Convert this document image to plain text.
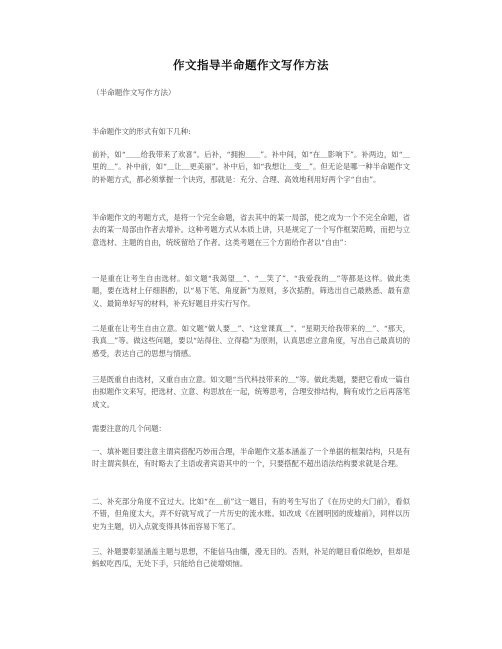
作文指导半命题作文写作方法
（半命题作文写作方法）

半命题作文的形式有如下几种:

前补，如“＿＿给我带来了欢喜”。后补，“拥抱＿＿”。补中间，如“在＿影响下”。补两边，如“＿里的＿”。补中前，如“＿让＿更美丽”。补中后，如“我想让＿变＿”。但无论是哪一种半命题作文的补题方式，都必须掌握一个诀窍，那就是：充分、合理、高效地利用好两个字“自由”。

半命题作文的考题方式，是将一个完全命题，省去其中的某一局部，使之成为一个不完全命题，省去的某一局部由作者去增补。这种考题方式从本质上讲，只是规定了一个写作框架范畴，而把与立意选材、主题的自由，统统留给了作者。这类考题在三个方面给作者以“自由”：

一是重在让考生自由选材。如文题“我渴望＿”、“＿笑了”、“我爱我的＿”等都是这样。做此类题，要在选材上仔细斟酌，以“易下笔、角度新”为原则，多次掂酌，筛选出自己最熟悉、最有意义、最简单好写的材料，补充好题目并实行写作。

二是重在让考生自由立意。如文题“做人要＿”、“这堂课真＿”、“星期天给我带来的＿”、“那天，我真＿”等。做这些问题，要以“站得住、立得稳”为原则，认真思虑立意角度，写出自己最真切的感受，表达自己的思想与情感。

三是既重自由选材，又重自由立意。如文题“当代科技带来的＿”等。做此类题，要把它看成一篇自由拟题作文来写，把选材、立意、构思放在一起，统筹思考，合理安排结构，胸有成竹之后再落笔成文。

需要注意的几个问题：

一、填补题目要注意主谓宾搭配巧妙而合理，半命题作文基本涵盖了一个单据的框架结构，只是有时主谓宾俱在，有时略去了主语或者宾语其中的一个，只要搭配不超出语法结构要求就是合理。

二、补充部分角度不宜过大。比如“在＿前”这一题目，有的考生写出了《在历史的大门前》，看似不错，但角度太大，弄不好就写成了一片历史的流水账。如改成《在圆明园的废墟前》，同样以历史为主题，切入点就变得具体而容易下笔了。

三、补题要彰显涵盖主题与思想，不能信马由缰，漫无目的。否则，补足的题目看似绝妙，但却是蚂蚁吃西瓜，无处下手，只能给自己徒增烦恼。
